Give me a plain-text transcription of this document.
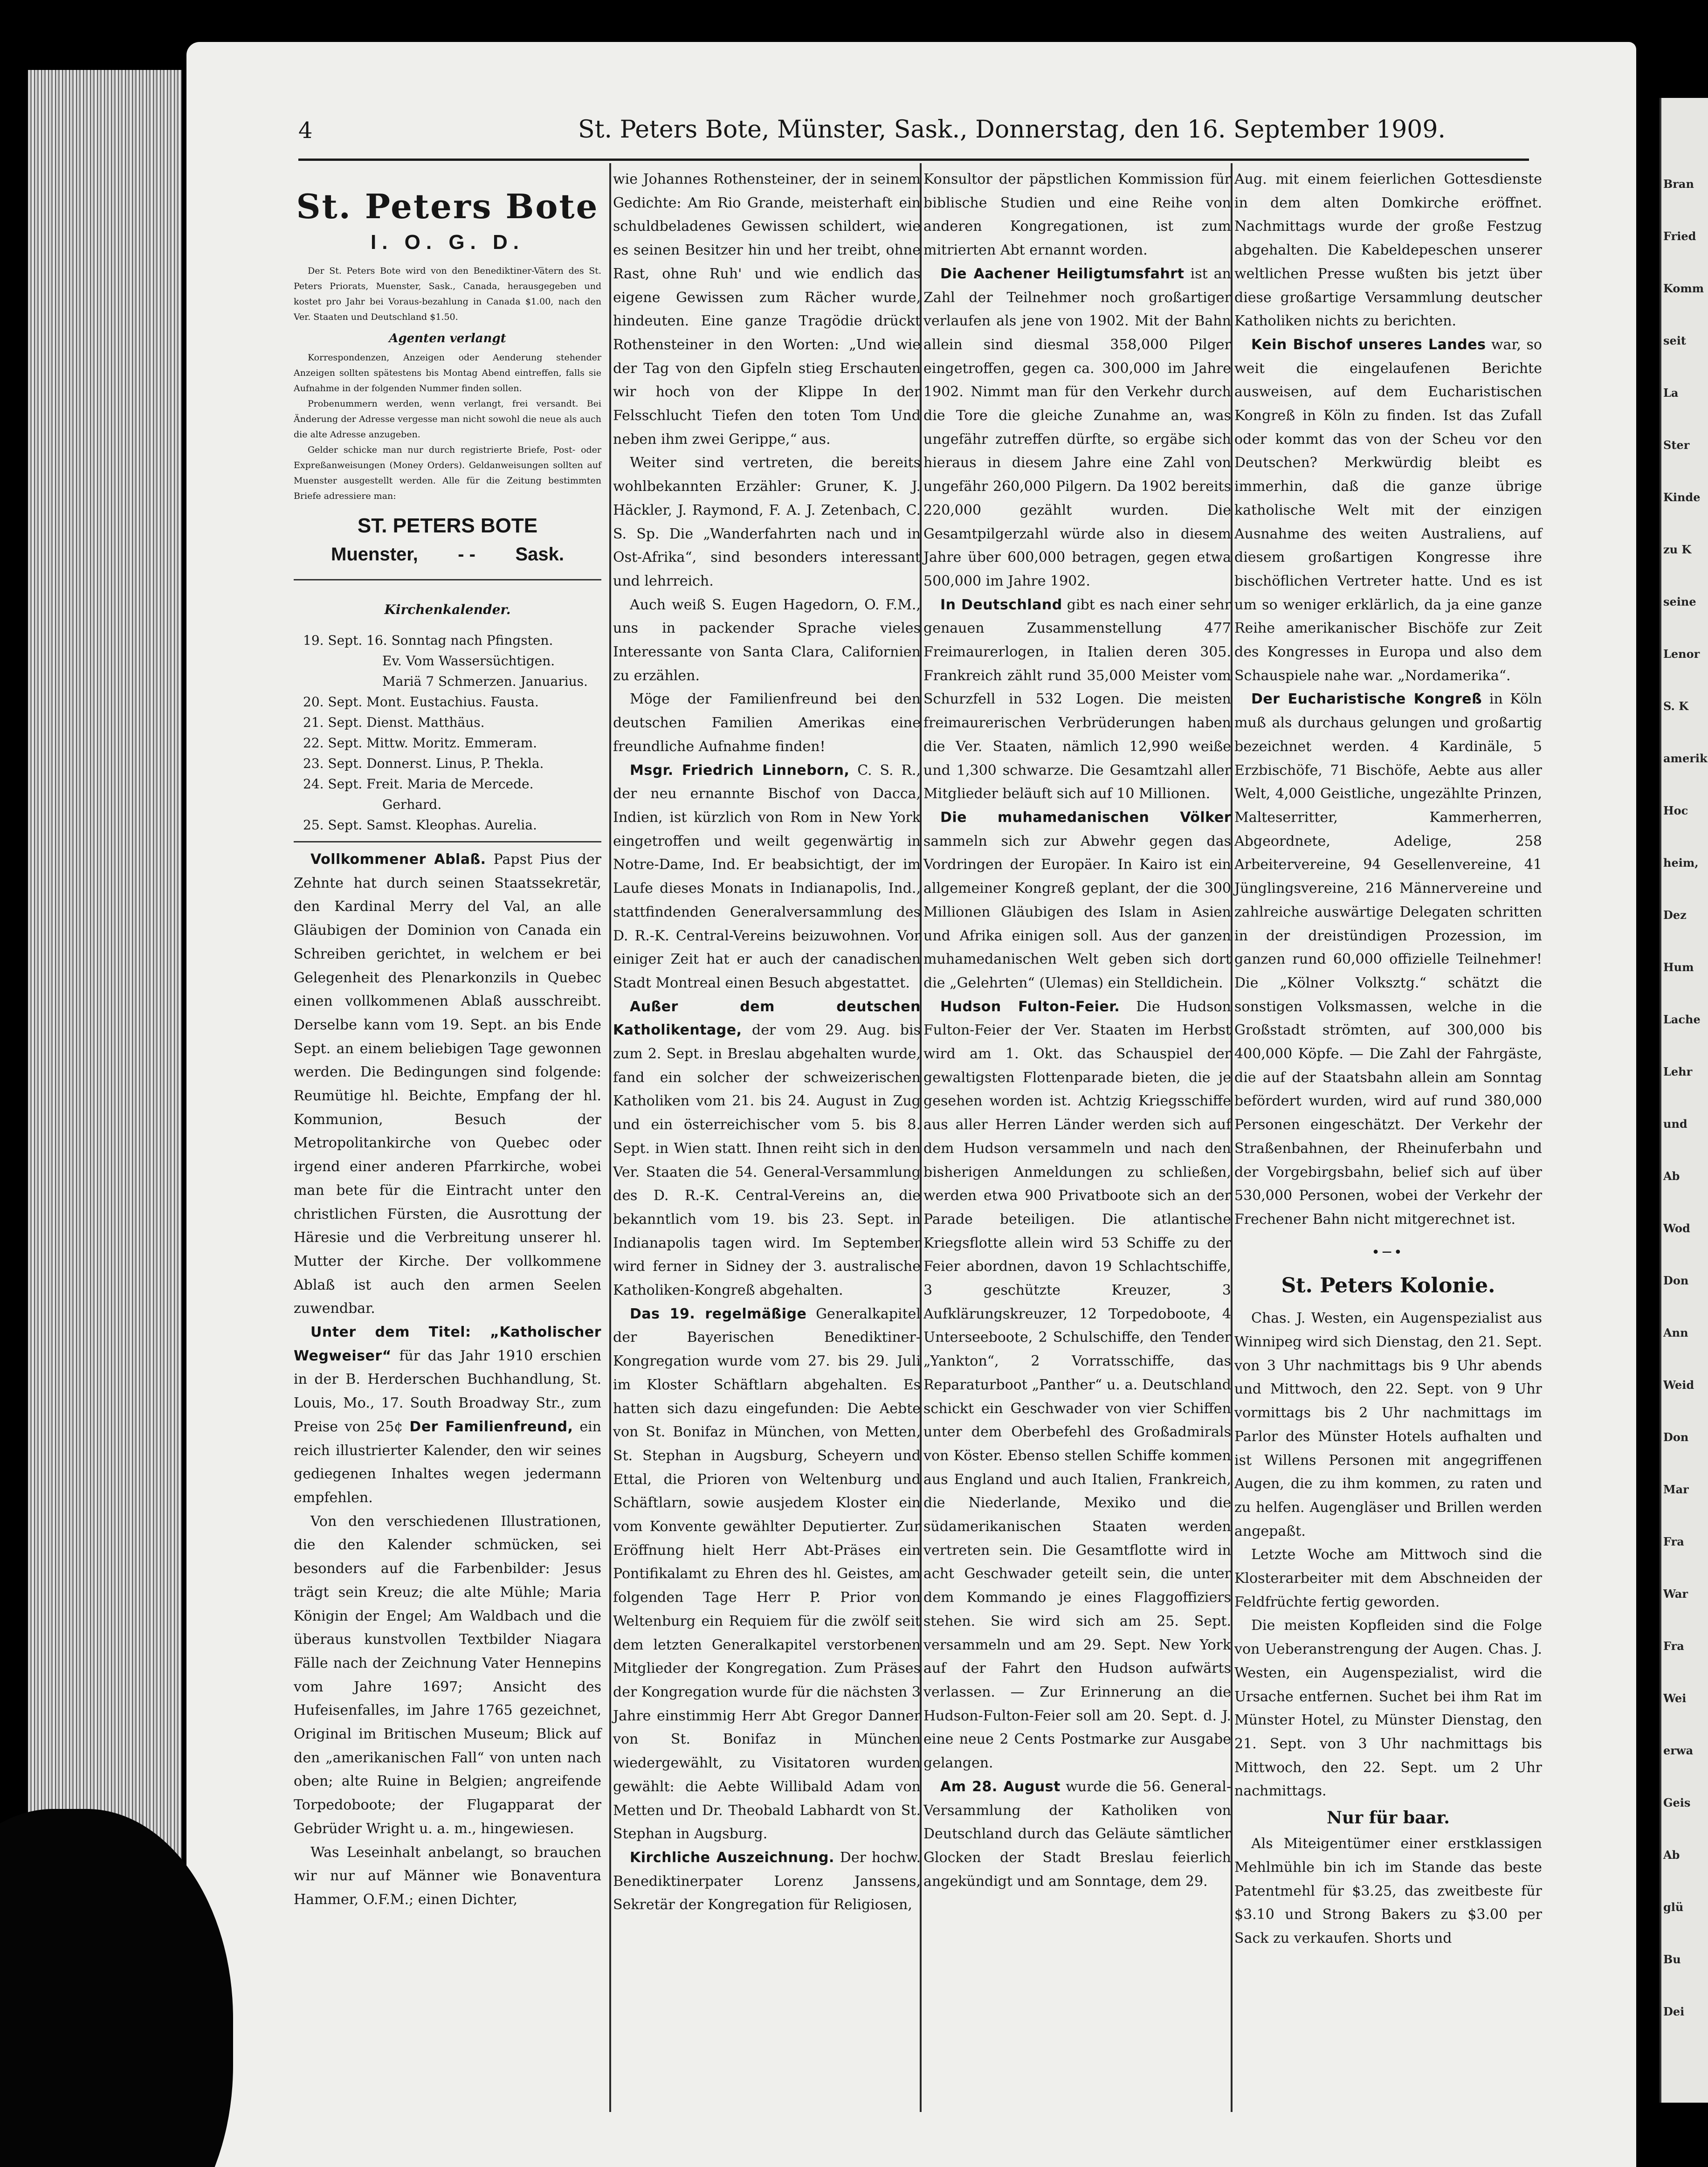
Bran
Fried
Komm
seit
La
Ster
Kinde
zu K
seine
Lenor
S. K
amerik
Hoc
heim,
Dez
Hum
Lache
Lehr
und
Ab
Wod
Don
Ann
Weid
Don
Mar
Fra
War
Fra
Wei
erwa
Geis
Ab
glü
Bu
Dei
4	St. Peters Bote, Münster, Sask., Donnerstag, den 16. September 1909.
St. Peters Bote
I. O. G. D.

Der St. Peters Bote wird von den Benediktiner-Vätern des St. Peters Priorats, Muenster, Sask., Canada, herausgegeben und kostet pro Jahr bei Voraus-bezahlung in Canada $1.00, nach den Ver. Staaten und Deutschland $1.50.

Agenten verlangt

Korrespondenzen, Anzeigen oder Aenderung stehender Anzeigen sollten spätestens bis Montag Abend eintreffen, falls sie Aufnahme in der folgenden Nummer finden sollen.

Probenummern werden, wenn verlangt, frei versandt. Bei Änderung der Adresse vergesse man nicht sowohl die neue als auch die alte Adresse anzugeben.

Gelder schicke man nur durch registrierte Briefe, Post- oder Expreßanweisungen (Money Orders). Geldanweisungen sollten auf Muenster ausgestellt werden. Alle für die Zeitung bestimmten Briefe adressiere man:

ST. PETERS BOTE
Muenster, - - Sask.
Kirchenkalender.
19. Sept. 16. Sonntag nach Pfingsten.
Ev. Vom Wassersüchtigen.
Mariä 7 Schmerzen. Januarius.
20. Sept. Mont. Eustachius. Fausta.
21. Sept. Dienst. Matthäus.
22. Sept. Mittw. Moritz. Emmeram.
23. Sept. Donnerst. Linus, P. Thekla.
24. Sept. Freit. Maria de Mercede.
Gerhard.
25. Sept. Samst. Kleophas. Aurelia.

Vollkommener Ablaß. Papst Pius der Zehnte hat durch seinen Staatssekretär, den Kardinal Merry del Val, an alle Gläubigen der Dominion von Canada ein Schreiben gerichtet, in welchem er bei Gelegenheit des Plenarkonzils in Quebec einen vollkommenen Ablaß ausschreibt. Derselbe kann vom 19. Sept. an bis Ende Sept. an einem beliebigen Tage gewonnen werden. Die Bedingungen sind folgende: Reumütige hl. Beichte, Empfang der hl. Kommunion, Besuch der Metropolitankirche von Quebec oder irgend einer anderen Pfarrkirche, wobei man bete für die Eintracht unter den christlichen Fürsten, die Ausrottung der Häresie und die Verbreitung unserer hl. Mutter der Kirche. Der vollkommene Ablaß ist auch den armen Seelen zuwendbar.

Unter dem Titel: „Katholischer Wegweiser“ für das Jahr 1910 erschien in der B. Herderschen Buchhandlung, St. Louis, Mo., 17. South Broadway Str., zum Preise von 25¢ Der Familienfreund, ein reich illustrierter Kalender, den wir seines gediegenen Inhaltes wegen jedermann empfehlen.

Von den verschiedenen Illustrationen, die den Kalender schmücken, sei besonders auf die Farbenbilder: Jesus trägt sein Kreuz; die alte Mühle; Maria Königin der Engel; Am Waldbach und die überaus kunstvollen Textbilder Niagara Fälle nach der Zeichnung Vater Hennepins vom Jahre 1697; Ansicht des Hufeisenfalles, im Jahre 1765 gezeichnet, Original im Britischen Museum; Blick auf den „amerikanischen Fall“ von unten nach oben; alte Ruine in Belgien; angreifende Torpedoboote; der Flugapparat der Gebrüder Wright u. a. m., hingewiesen.

Was Leseinhalt anbelangt, so brauchen wir nur auf Männer wie Bonaventura Hammer, O.F.M.; einen Dichter,

wie Johannes Rothensteiner, der in seinem Gedichte: Am Rio Grande, meisterhaft ein schuldbeladenes Gewissen schildert, wie es seinen Besitzer hin und her treibt, ohne Rast, ohne Ruh' und wie endlich das eigene Gewissen zum Rächer wurde, hindeuten. Eine ganze Tragödie drückt Rothensteiner in den Worten: „Und wie der Tag von den Gipfeln stieg Erschauten wir hoch von der Klippe In der Felsschlucht Tiefen den toten Tom Und neben ihm zwei Gerippe,“ aus.

Weiter sind vertreten, die bereits wohlbekannten Erzähler: Gruner, K. J. Häckler, J. Raymond, F. A. J. Zetenbach, C. S. Sp. Die „Wanderfahrten nach und in Ost-Afrika“, sind besonders interessant und lehrreich.

Auch weiß S. Eugen Hagedorn, O. F.M., uns in packender Sprache vieles Interessante von Santa Clara, Californien zu erzählen.

Möge der Familienfreund bei den deutschen Familien Amerikas eine freundliche Aufnahme finden!

Msgr. Friedrich Linneborn, C. S. R., der neu ernannte Bischof von Dacca, Indien, ist kürzlich von Rom in New York eingetroffen und weilt gegenwärtig in Notre-Dame, Ind. Er beabsichtigt, der im Laufe dieses Monats in Indianapolis, Ind., stattfindenden Generalversammlung des D. R.-K. Central-Vereins beizuwohnen. Vor einiger Zeit hat er auch der canadischen Stadt Montreal einen Besuch abgestattet.

Außer dem deutschen Katholikentage, der vom 29. Aug. bis zum 2. Sept. in Breslau abgehalten wurde, fand ein solcher der schweizerischen Katholiken vom 21. bis 24. August in Zug und ein österreichischer vom 5. bis 8. Sept. in Wien statt. Ihnen reiht sich in den Ver. Staaten die 54. General-Versammlung des D. R.-K. Central-Vereins an, die bekanntlich vom 19. bis 23. Sept. in Indianapolis tagen wird. Im September wird ferner in Sidney der 3. australische Katholiken-Kongreß abgehalten.

Das 19. regelmäßige Generalkapitel der Bayerischen Benediktiner-Kongregation wurde vom 27. bis 29. Juli im Kloster Schäftlarn abgehalten. Es hatten sich dazu eingefunden: Die Aebte von St. Bonifaz in München, von Metten, St. Stephan in Augsburg, Scheyern und Ettal, die Prioren von Weltenburg und Schäftlarn, sowie ausjedem Kloster ein vom Konvente gewählter Deputierter. Zur Eröffnung hielt Herr Abt-Präses ein Pontifikalamt zu Ehren des hl. Geistes, am folgenden Tage Herr P. Prior von Weltenburg ein Requiem für die zwölf seit dem letzten Generalkapitel verstorbenen Mitglieder der Kongregation. Zum Präses der Kongregation wurde für die nächsten 3 Jahre einstimmig Herr Abt Gregor Danner von St. Bonifaz in München wiedergewählt, zu Visitatoren wurden gewählt: die Aebte Willibald Adam von Metten und Dr. Theobald Labhardt von St. Stephan in Augsburg.

Kirchliche Auszeichnung. Der hochw. Benediktinerpater Lorenz Janssens, Sekretär der Kongregation für Religiosen,

Konsultor der päpstlichen Kommission für biblische Studien und eine Reihe von anderen Kongregationen, ist zum mitrierten Abt ernannt worden.

Die Aachener Heiligtumsfahrt ist an Zahl der Teilnehmer noch großartiger verlaufen als jene von 1902. Mit der Bahn allein sind diesmal 358,000 Pilger eingetroffen, gegen ca. 300,000 im Jahre 1902. Nimmt man für den Verkehr durch die Tore die gleiche Zunahme an, was ungefähr zutreffen dürfte, so ergäbe sich hieraus in diesem Jahre eine Zahl von ungefähr 260,000 Pilgern. Da 1902 bereits 220,000 gezählt wurden. Die Gesamtpilgerzahl würde also in diesem Jahre über 600,000 betragen, gegen etwa 500,000 im Jahre 1902.

In Deutschland gibt es nach einer sehr genauen Zusammenstellung 477 Freimaurerlogen, in Italien deren 305. Frankreich zählt rund 35,000 Meister vom Schurzfell in 532 Logen. Die meisten freimaurerischen Verbrüderungen haben die Ver. Staaten, nämlich 12,990 weiße und 1,300 schwarze. Die Gesamtzahl aller Mitglieder beläuft sich auf 10 Millionen.

Die muhamedanischen Völker sammeln sich zur Abwehr gegen das Vordringen der Europäer. In Kairo ist ein allgemeiner Kongreß geplant, der die 300 Millionen Gläubigen des Islam in Asien und Afrika einigen soll. Aus der ganzen muhamedanischen Welt geben sich dort die „Gelehrten“ (Ulemas) ein Stelldichein.

Hudson Fulton-Feier. Die Hudson Fulton-Feier der Ver. Staaten im Herbst wird am 1. Okt. das Schauspiel der gewaltigsten Flottenparade bieten, die je gesehen worden ist. Achtzig Kriegsschiffe aus aller Herren Länder werden sich auf dem Hudson versammeln und nach den bisherigen Anmeldungen zu schließen, werden etwa 900 Privatboote sich an der Parade beteiligen. Die atlantische Kriegsflotte allein wird 53 Schiffe zu der Feier abordnen, davon 19 Schlachtschiffe, 3 geschützte Kreuzer, 3 Aufklärungskreuzer, 12 Torpedoboote, 4 Unterseeboote, 2 Schulschiffe, den Tender „Yankton“, 2 Vorratsschiffe, das Reparaturboot „Panther“ u. a. Deutschland schickt ein Geschwader von vier Schiffen unter dem Oberbefehl des Großadmirals von Köster. Ebenso stellen Schiffe kommen aus England und auch Italien, Frankreich, die Niederlande, Mexiko und die südamerikanischen Staaten werden vertreten sein. Die Gesamtflotte wird in acht Geschwader geteilt sein, die unter dem Kommando je eines Flaggoffiziers stehen. Sie wird sich am 25. Sept. versammeln und am 29. Sept. New York auf der Fahrt den Hudson aufwärts verlassen. — Zur Erinnerung an die Hudson-Fulton-Feier soll am 20. Sept. d. J. eine neue 2 Cents Postmarke zur Ausgabe gelangen.

Am 28. August wurde die 56. General-Versammlung der Katholiken von Deutschland durch das Geläute sämtlicher Glocken der Stadt Breslau feierlich angekündigt und am Sonntage, dem 29.

Aug. mit einem feierlichen Gottesdienste in dem alten Domkirche eröffnet. Nachmittags wurde der große Festzug abgehalten. Die Kabeldepeschen unserer weltlichen Presse wußten bis jetzt über diese großartige Versammlung deutscher Katholiken nichts zu berichten.

Kein Bischof unseres Landes war, so weit die eingelaufenen Berichte ausweisen, auf dem Eucharistischen Kongreß in Köln zu finden. Ist das Zufall oder kommt das von der Scheu vor den Deutschen? Merkwürdig bleibt es immerhin, daß die ganze übrige katholische Welt mit der einzigen Ausnahme des weiten Australiens, auf diesem großartigen Kongresse ihre bischöflichen Vertreter hatte. Und es ist um so weniger erklärlich, da ja eine ganze Reihe amerikanischer Bischöfe zur Zeit des Kongresses in Europa und also dem Schauspiele nahe war. „Nordamerika“.

Der Eucharistische Kongreß in Köln muß als durchaus gelungen und großartig bezeichnet werden. 4 Kardinäle, 5 Erzbischöfe, 71 Bischöfe, Aebte aus aller Welt, 4,000 Geistliche, ungezählte Prinzen, Malteserritter, Kammerherren, Abgeordnete, Adelige, 258 Arbeitervereine, 94 Gesellenvereine, 41 Jünglingsvereine, 216 Männervereine und zahlreiche auswärtige Delegaten schritten in der dreistündigen Prozession, im ganzen rund 60,000 offizielle Teilnehmer! Die „Kölner Volksztg.“ schätzt die sonstigen Volksmassen, welche in die Großstadt strömten, auf 300,000 bis 400,000 Köpfe. — Die Zahl der Fahrgäste, die auf der Staatsbahn allein am Sonntag befördert wurden, wird auf rund 380,000 Personen eingeschätzt. Der Verkehr der Straßenbahnen, der Rheinuferbahn und der Vorgebirgsbahn, belief sich auf über 530,000 Personen, wobei der Verkehr der Frechener Bahn nicht mitgerechnet ist.

•─•
St. Peters Kolonie.

Chas. J. Westen, ein Augenspezialist aus Winnipeg wird sich Dienstag, den 21. Sept. von 3 Uhr nachmittags bis 9 Uhr abends und Mittwoch, den 22. Sept. von 9 Uhr vormittags bis 2 Uhr nachmittags im Parlor des Münster Hotels aufhalten und ist Willens Personen mit angegriffenen Augen, die zu ihm kommen, zu raten und zu helfen. Augengläser und Brillen werden angepaßt.

Letzte Woche am Mittwoch sind die Klosterarbeiter mit dem Abschneiden der Feldfrüchte fertig geworden.

Die meisten Kopfleiden sind die Folge von Ueberanstrengung der Augen. Chas. J. Westen, ein Augenspezialist, wird die Ursache entfernen. Suchet bei ihm Rat im Münster Hotel, zu Münster Dienstag, den 21. Sept. von 3 Uhr nachmittags bis Mittwoch, den 22. Sept. um 2 Uhr nachmittags.

Nur für baar.

Als Miteigentümer einer erstklassigen Mehlmühle bin ich im Stande das beste Patentmehl für $3.25, das zweitbeste für $3.10 und Strong Bakers zu $3.00 per Sack zu verkaufen. Shorts und
